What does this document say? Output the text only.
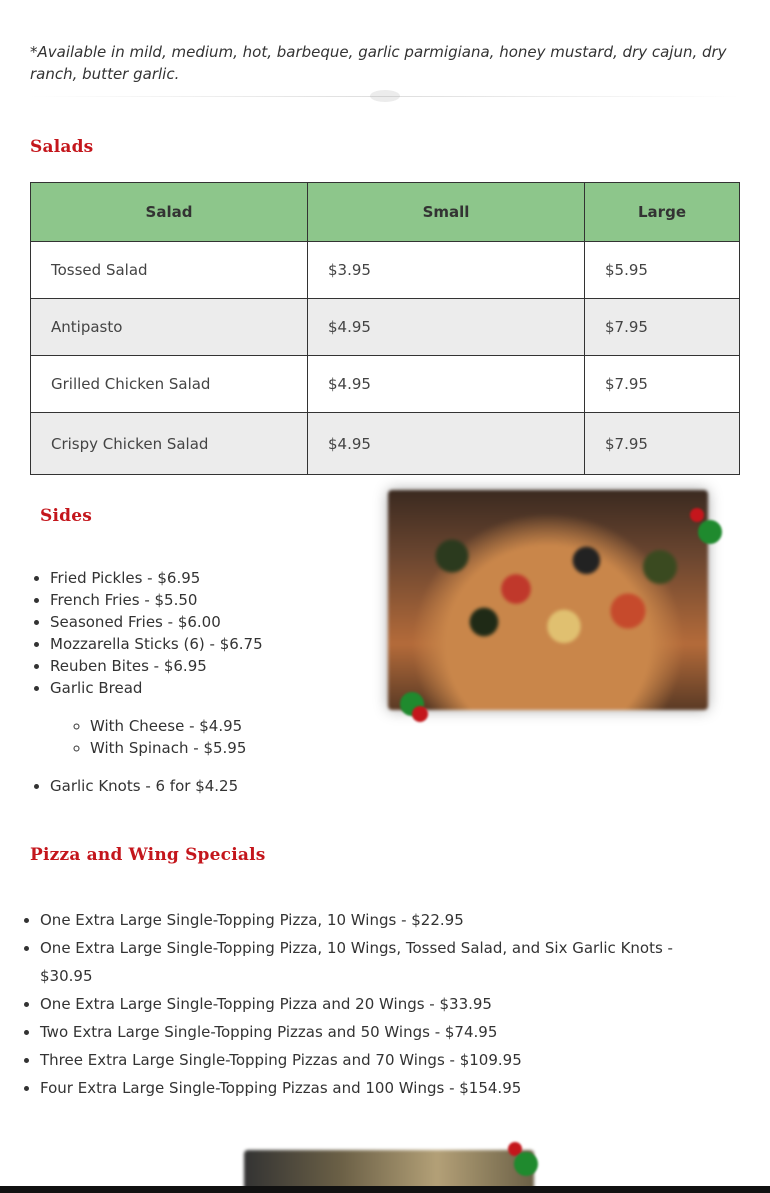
*Available in mild, medium, hot, barbeque, garlic parmigiana, honey mustard, dry cajun, dry ranch, butter garlic.

Salads
Salad	Small	Large
Tossed Salad	$3.95	$5.95
Antipasto	$4.95	$7.95
Grilled Chicken Salad	$4.95	$7.95
Crispy Chicken Salad	$4.95	$7.95
Sides
Pizza and Wing Specials
• Fried Pickles - $6.95
• French Fries - $5.50
• Seasoned Fries - $6.00
• Mozzarella Sticks (6) - $6.75
• Reuben Bites - $6.95
• Garlic Bread
◦ With Cheese - $4.95
◦ With Spinach - $5.95
• Garlic Knots - 6 for $4.25
• One Extra Large Single-Topping Pizza, 10 Wings - $22.95
• One Extra Large Single-Topping Pizza, 10 Wings, Tossed Salad, and Six Garlic Knots - $30.95
• One Extra Large Single-Topping Pizza and 20 Wings - $33.95
• Two Extra Large Single-Topping Pizzas and 50 Wings - $74.95
• Three Extra Large Single-Topping Pizzas and 70 Wings - $109.95
• Four Extra Large Single-Topping Pizzas and 100 Wings - $154.95
